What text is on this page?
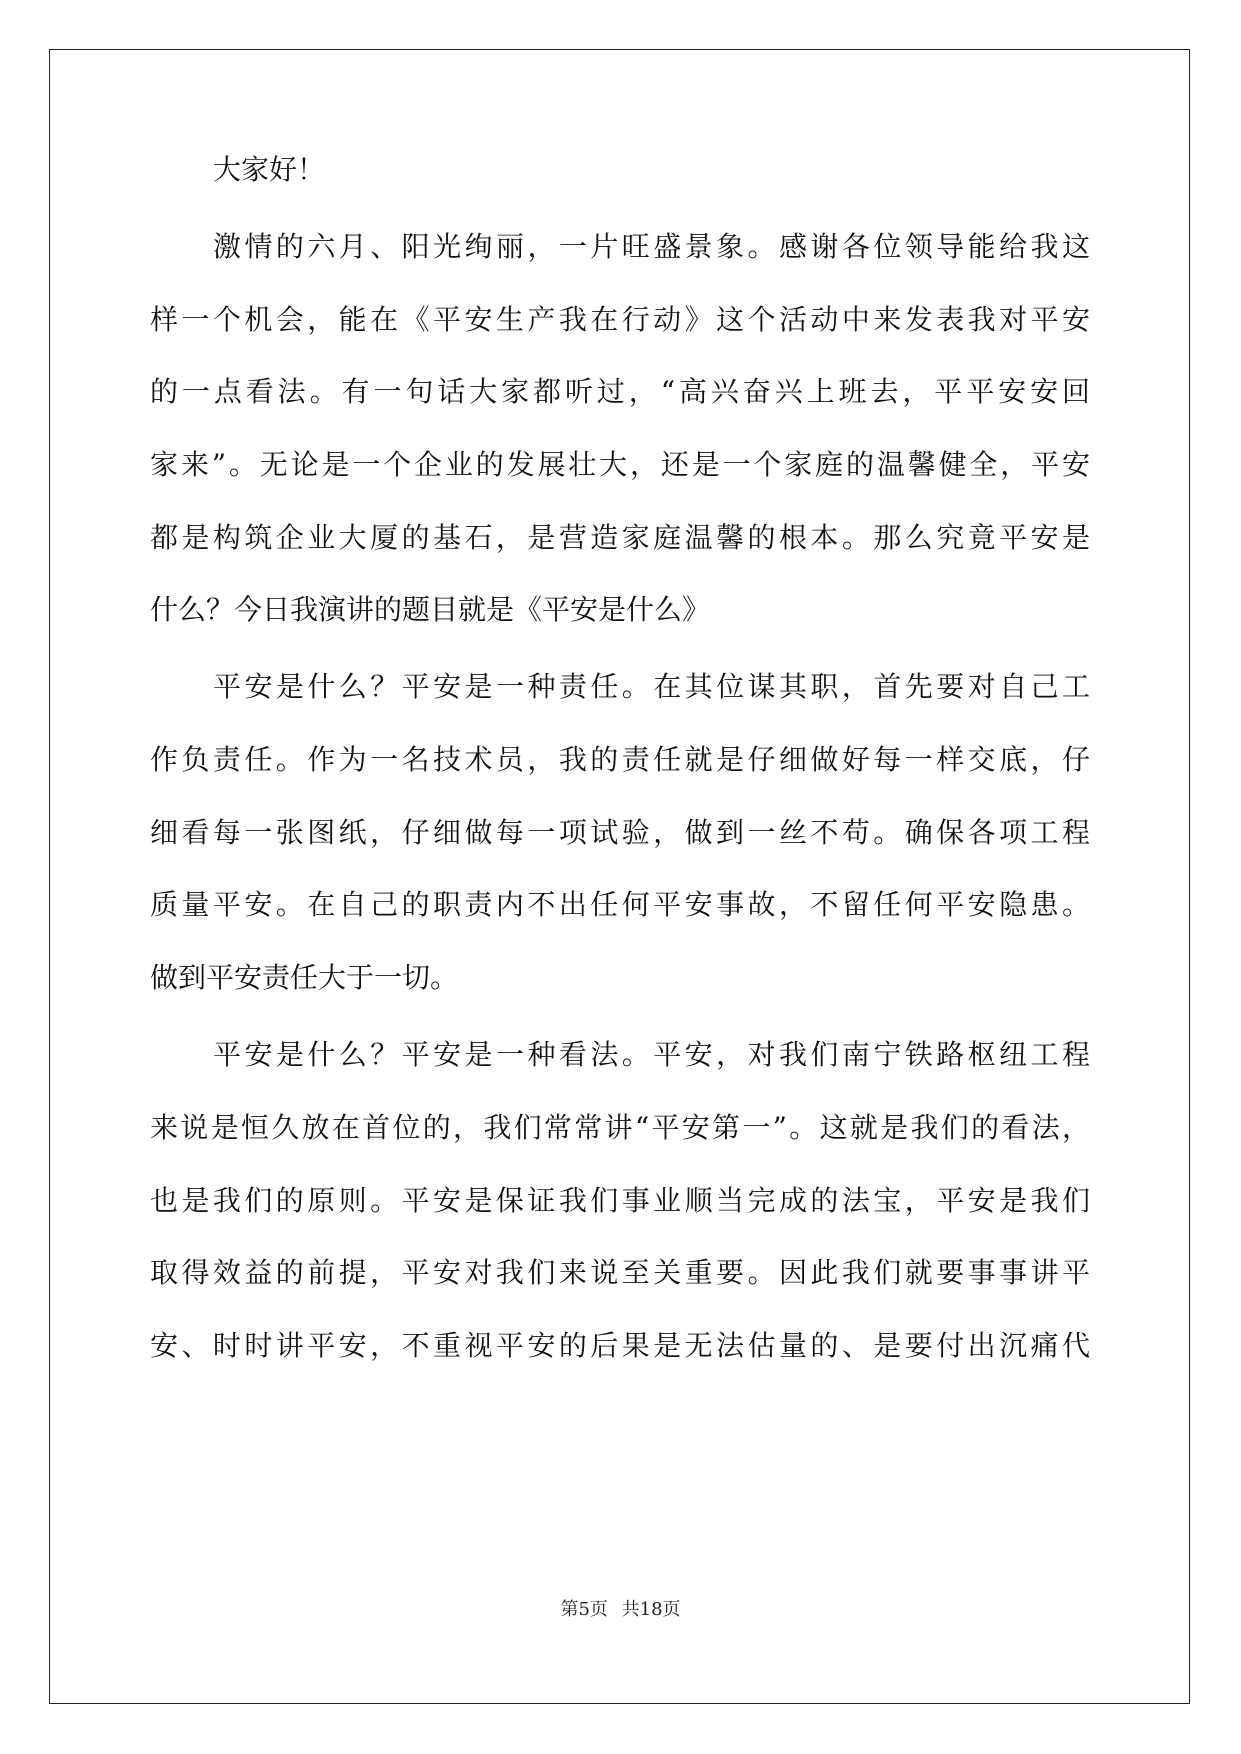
大家好！
激情的六月、阳光绚丽，一片旺盛景象。感谢各位领导能给我这
样一个机会，能在《平安生产我在行动》这个活动中来发表我对平安
的一点看法。有一句话大家都听过，“高兴奋兴上班去，平平安安回
家来”。无论是一个企业的发展壮大，还是一个家庭的温馨健全，平安
都是构筑企业大厦的基石，是营造家庭温馨的根本。那么究竟平安是
什么？今日我演讲的题目就是《平安是什么》
平安是什么？平安是一种责任。在其位谋其职，首先要对自己工
作负责任。作为一名技术员，我的责任就是仔细做好每一样交底，仔
细看每一张图纸，仔细做每一项试验，做到一丝不苟。确保各项工程
质量平安。在自己的职责内不出任何平安事故，不留任何平安隐患。
做到平安责任大于一切。
平安是什么？平安是一种看法。平安，对我们南宁铁路枢纽工程
来说是恒久放在首位的，我们常常讲“平安第一”。这就是我们的看法，
也是我们的原则。平安是保证我们事业顺当完成的法宝，平安是我们
取得效益的前提，平安对我们来说至关重要。因此我们就要事事讲平
安、时时讲平安，不重视平安的后果是无法估量的、是要付出沉痛代
第5页 共18页
